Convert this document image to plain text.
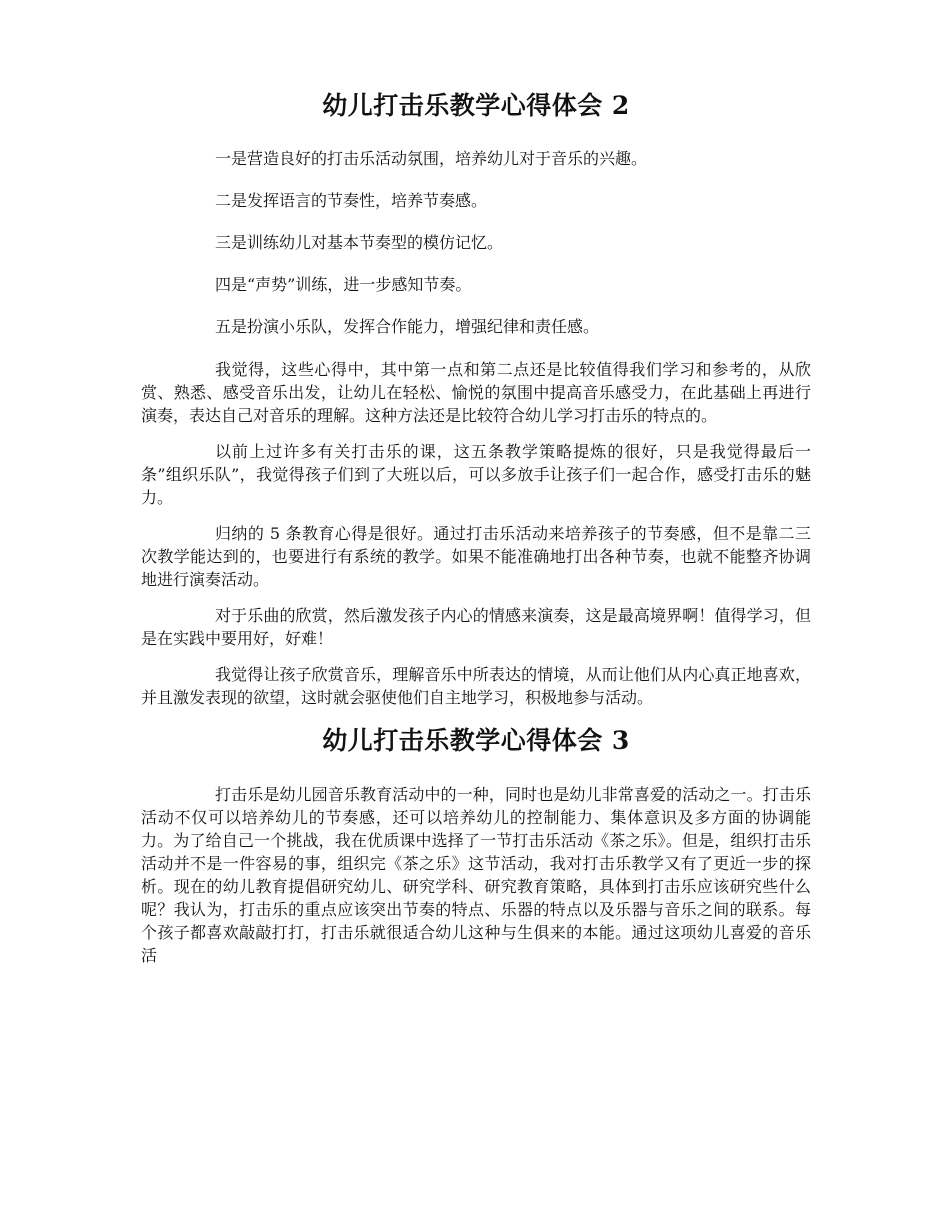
幼儿打击乐教学心得体会 2

一是营造良好的打击乐活动氛围，培养幼儿对于音乐的兴趣。

二是发挥语言的节奏性，培养节奏感。

三是训练幼儿对基本节奏型的模仿记忆。

四是“声势”训练，进一步感知节奏。

五是扮演小乐队，发挥合作能力，增强纪律和责任感。

我觉得，这些心得中，其中第一点和第二点还是比较值得我们学习和参考的，从欣赏、熟悉、感受音乐出发，让幼儿在轻松、愉悦的氛围中提高音乐感受力，在此基础上再进行演奏，表达自己对音乐的理解。这种方法还是比较符合幼儿学习打击乐的特点的。

以前上过许多有关打击乐的课，这五条教学策略提炼的很好，只是我觉得最后一条”组织乐队”，我觉得孩子们到了大班以后，可以多放手让孩子们一起合作，感受打击乐的魅力。

归纳的 5 条教育心得是很好。通过打击乐活动来培养孩子的节奏感，但不是靠二三次教学能达到的，也要进行有系统的教学。如果不能准确地打出各种节奏，也就不能整齐协调地进行演奏活动。

对于乐曲的欣赏，然后激发孩子内心的情感来演奏，这是最高境界啊！值得学习，但是在实践中要用好，好难！

我觉得让孩子欣赏音乐，理解音乐中所表达的情境，从而让他们从内心真正地喜欢，并且激发表现的欲望，这时就会驱使他们自主地学习，积极地参与活动。

幼儿打击乐教学心得体会 3

打击乐是幼儿园音乐教育活动中的一种，同时也是幼儿非常喜爱的活动之一。打击乐活动不仅可以培养幼儿的节奏感，还可以培养幼儿的控制能力、集体意识及多方面的协调能力。为了给自己一个挑战，我在优质课中选择了一节打击乐活动《茶之乐》。但是，组织打击乐活动并不是一件容易的事，组织完《茶之乐》这节活动，我对打击乐教学又有了更近一步的探析。现在的幼儿教育提倡研究幼儿、研究学科、研究教育策略，具体到打击乐应该研究些什么呢？我认为，打击乐的重点应该突出节奏的特点、乐器的特点以及乐器与音乐之间的联系。每个孩子都喜欢敲敲打打，打击乐就很适合幼儿这种与生俱来的本能。通过这项幼儿喜爱的音乐活
